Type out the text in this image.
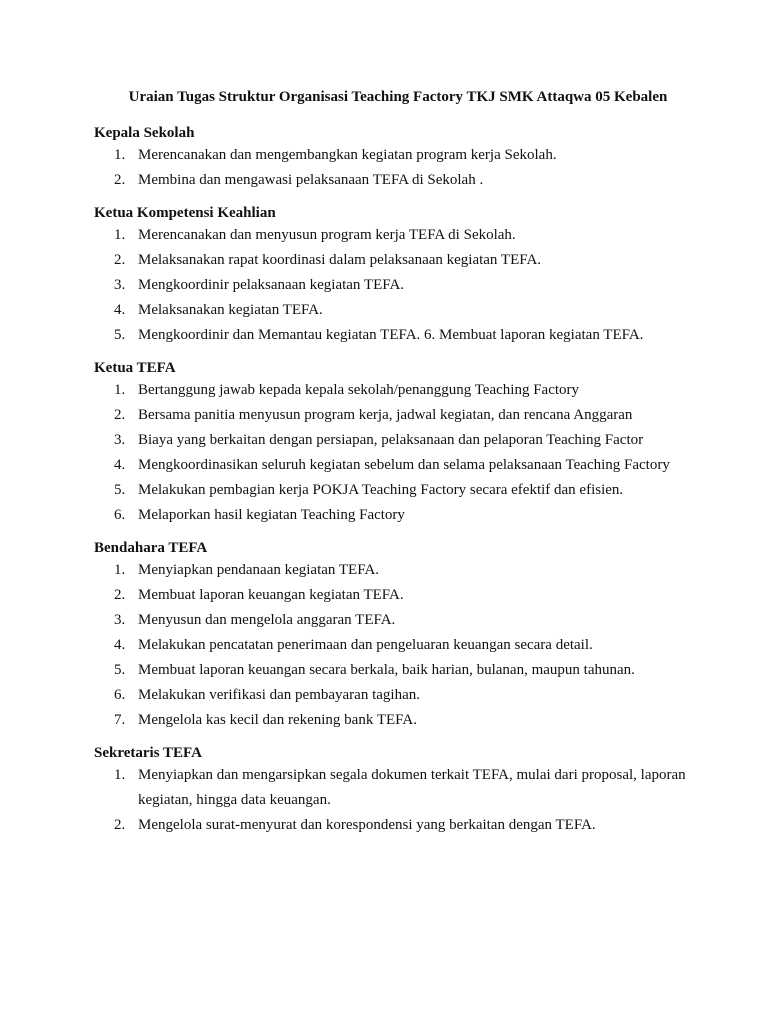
Uraian Tugas Struktur Organisasi Teaching Factory TKJ SMK Attaqwa 05 Kebalen
Kepala Sekolah
1. Merencanakan dan mengembangkan kegiatan program kerja Sekolah.
2. Membina dan mengawasi pelaksanaan TEFA di Sekolah .
Ketua Kompetensi Keahlian
1. Merencanakan dan menyusun program kerja TEFA di Sekolah.
2. Melaksanakan rapat koordinasi dalam pelaksanaan kegiatan TEFA.
3. Mengkoordinir pelaksanaan kegiatan TEFA.
4. Melaksanakan kegiatan TEFA.
5. Mengkoordinir dan Memantau kegiatan TEFA. 6. Membuat laporan kegiatan TEFA.
Ketua TEFA
1. Bertanggung jawab kepada kepala sekolah/penanggung Teaching Factory
2. Bersama panitia menyusun program kerja, jadwal kegiatan, dan rencana Anggaran
3. Biaya yang berkaitan dengan persiapan, pelaksanaan dan pelaporan Teaching Factor
4. Mengkoordinasikan seluruh kegiatan sebelum dan selama pelaksanaan Teaching Factory
5. Melakukan pembagian kerja POKJA Teaching Factory secara efektif dan efisien.
6. Melaporkan hasil kegiatan Teaching Factory
Bendahara TEFA
1. Menyiapkan pendanaan kegiatan TEFA.
2. Membuat laporan keuangan kegiatan TEFA.
3. Menyusun dan mengelola anggaran TEFA.
4. Melakukan pencatatan penerimaan dan pengeluaran keuangan secara detail.
5. Membuat laporan keuangan secara berkala, baik harian, bulanan, maupun tahunan.
6. Melakukan verifikasi dan pembayaran tagihan.
7. Mengelola kas kecil dan rekening bank TEFA.
Sekretaris TEFA
1. Menyiapkan dan mengarsipkan segala dokumen terkait TEFA, mulai dari proposal, laporan kegiatan, hingga data keuangan.
2. Mengelola surat-menyurat dan korespondensi yang berkaitan dengan TEFA.
